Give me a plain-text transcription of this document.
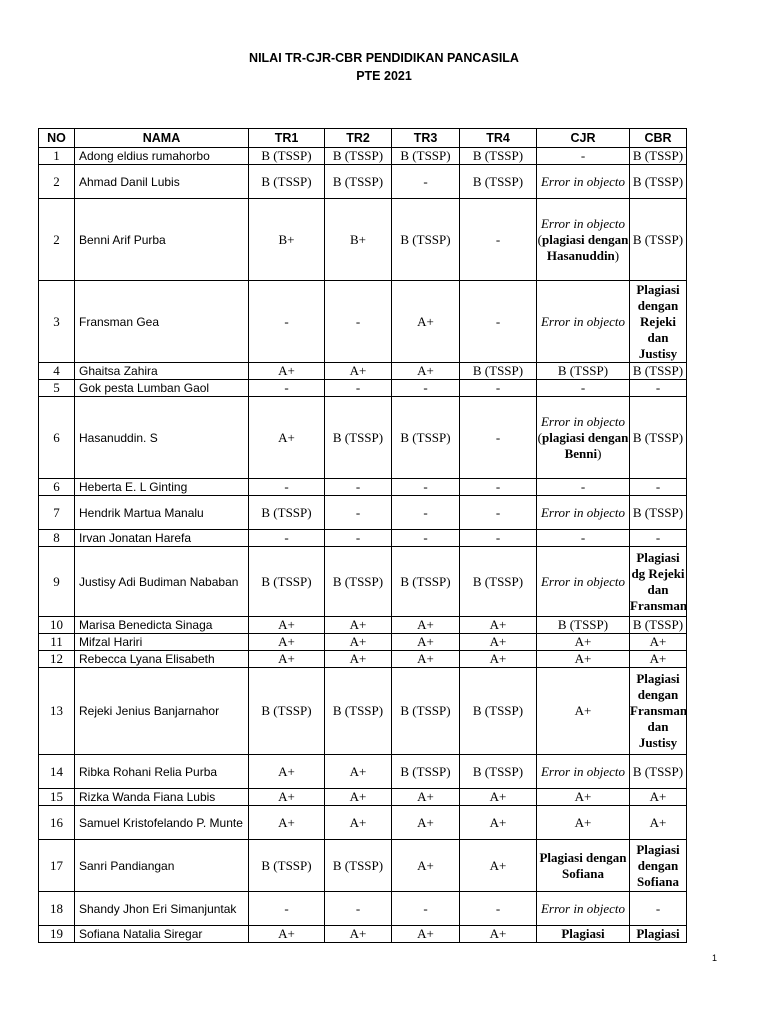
NILAI TR-CJR-CBR PENDIDIKAN PANCASILA
PTE 2021
NO	NAMA	TR1	TR2	TR3	TR4	CJR	CBR
1	Adong eldius rumahorbo	B (TSSP)	B (TSSP)	B (TSSP)	B (TSSP)	-	B (TSSP)
2	Ahmad Danil Lubis	B (TSSP)	B (TSSP)	-	B (TSSP)	Error in objecto	B (TSSP)
2	Benni Arif Purba	B+	B+	B (TSSP)	-	Error in objecto (plagiasi dengan Hasanuddin)	B (TSSP)
3	Fransman Gea	-	-	A+	-	Error in objecto	Plagiasi dengan Rejeki dan Justisy
4	Ghaitsa Zahira	A+	A+	A+	B (TSSP)	B (TSSP)	B (TSSP)
5	Gok pesta Lumban Gaol	-	-	-	-	-	-
6	Hasanuddin. S	A+	B (TSSP)	B (TSSP)	-	Error in objecto (plagiasi dengan Benni)	B (TSSP)
6	Heberta E. L Ginting	-	-	-	-	-	-
7	Hendrik Martua Manalu	B (TSSP)	-	-	-	Error in objecto	B (TSSP)
8	Irvan Jonatan Harefa	-	-	-	-	-	-
9	Justisy Adi Budiman Nababan	B (TSSP)	B (TSSP)	B (TSSP)	B (TSSP)	Error in objecto	Plagiasi dg Rejeki dan Fransman
10	Marisa Benedicta Sinaga	A+	A+	A+	A+	B (TSSP)	B (TSSP)
11	Mifzal Hariri	A+	A+	A+	A+	A+	A+
12	Rebecca Lyana Elisabeth	A+	A+	A+	A+	A+	A+
13	Rejeki Jenius Banjarnahor	B (TSSP)	B (TSSP)	B (TSSP)	B (TSSP)	A+	Plagiasi dengan Fransman dan Justisy
14	Ribka Rohani Relia Purba	A+	A+	B (TSSP)	B (TSSP)	Error in objecto	B (TSSP)
15	Rizka Wanda Fiana Lubis	A+	A+	A+	A+	A+	A+
16	Samuel Kristofelando P. Munte	A+	A+	A+	A+	A+	A+
17	Sanri Pandiangan	B (TSSP)	B (TSSP)	A+	A+	Plagiasi dengan Sofiana	Plagiasi dengan Sofiana
18	Shandy Jhon Eri Simanjuntak	-	-	-	-	Error in objecto	-
19	Sofiana Natalia Siregar	A+	A+	A+	A+	Plagiasi	Plagiasi
1
